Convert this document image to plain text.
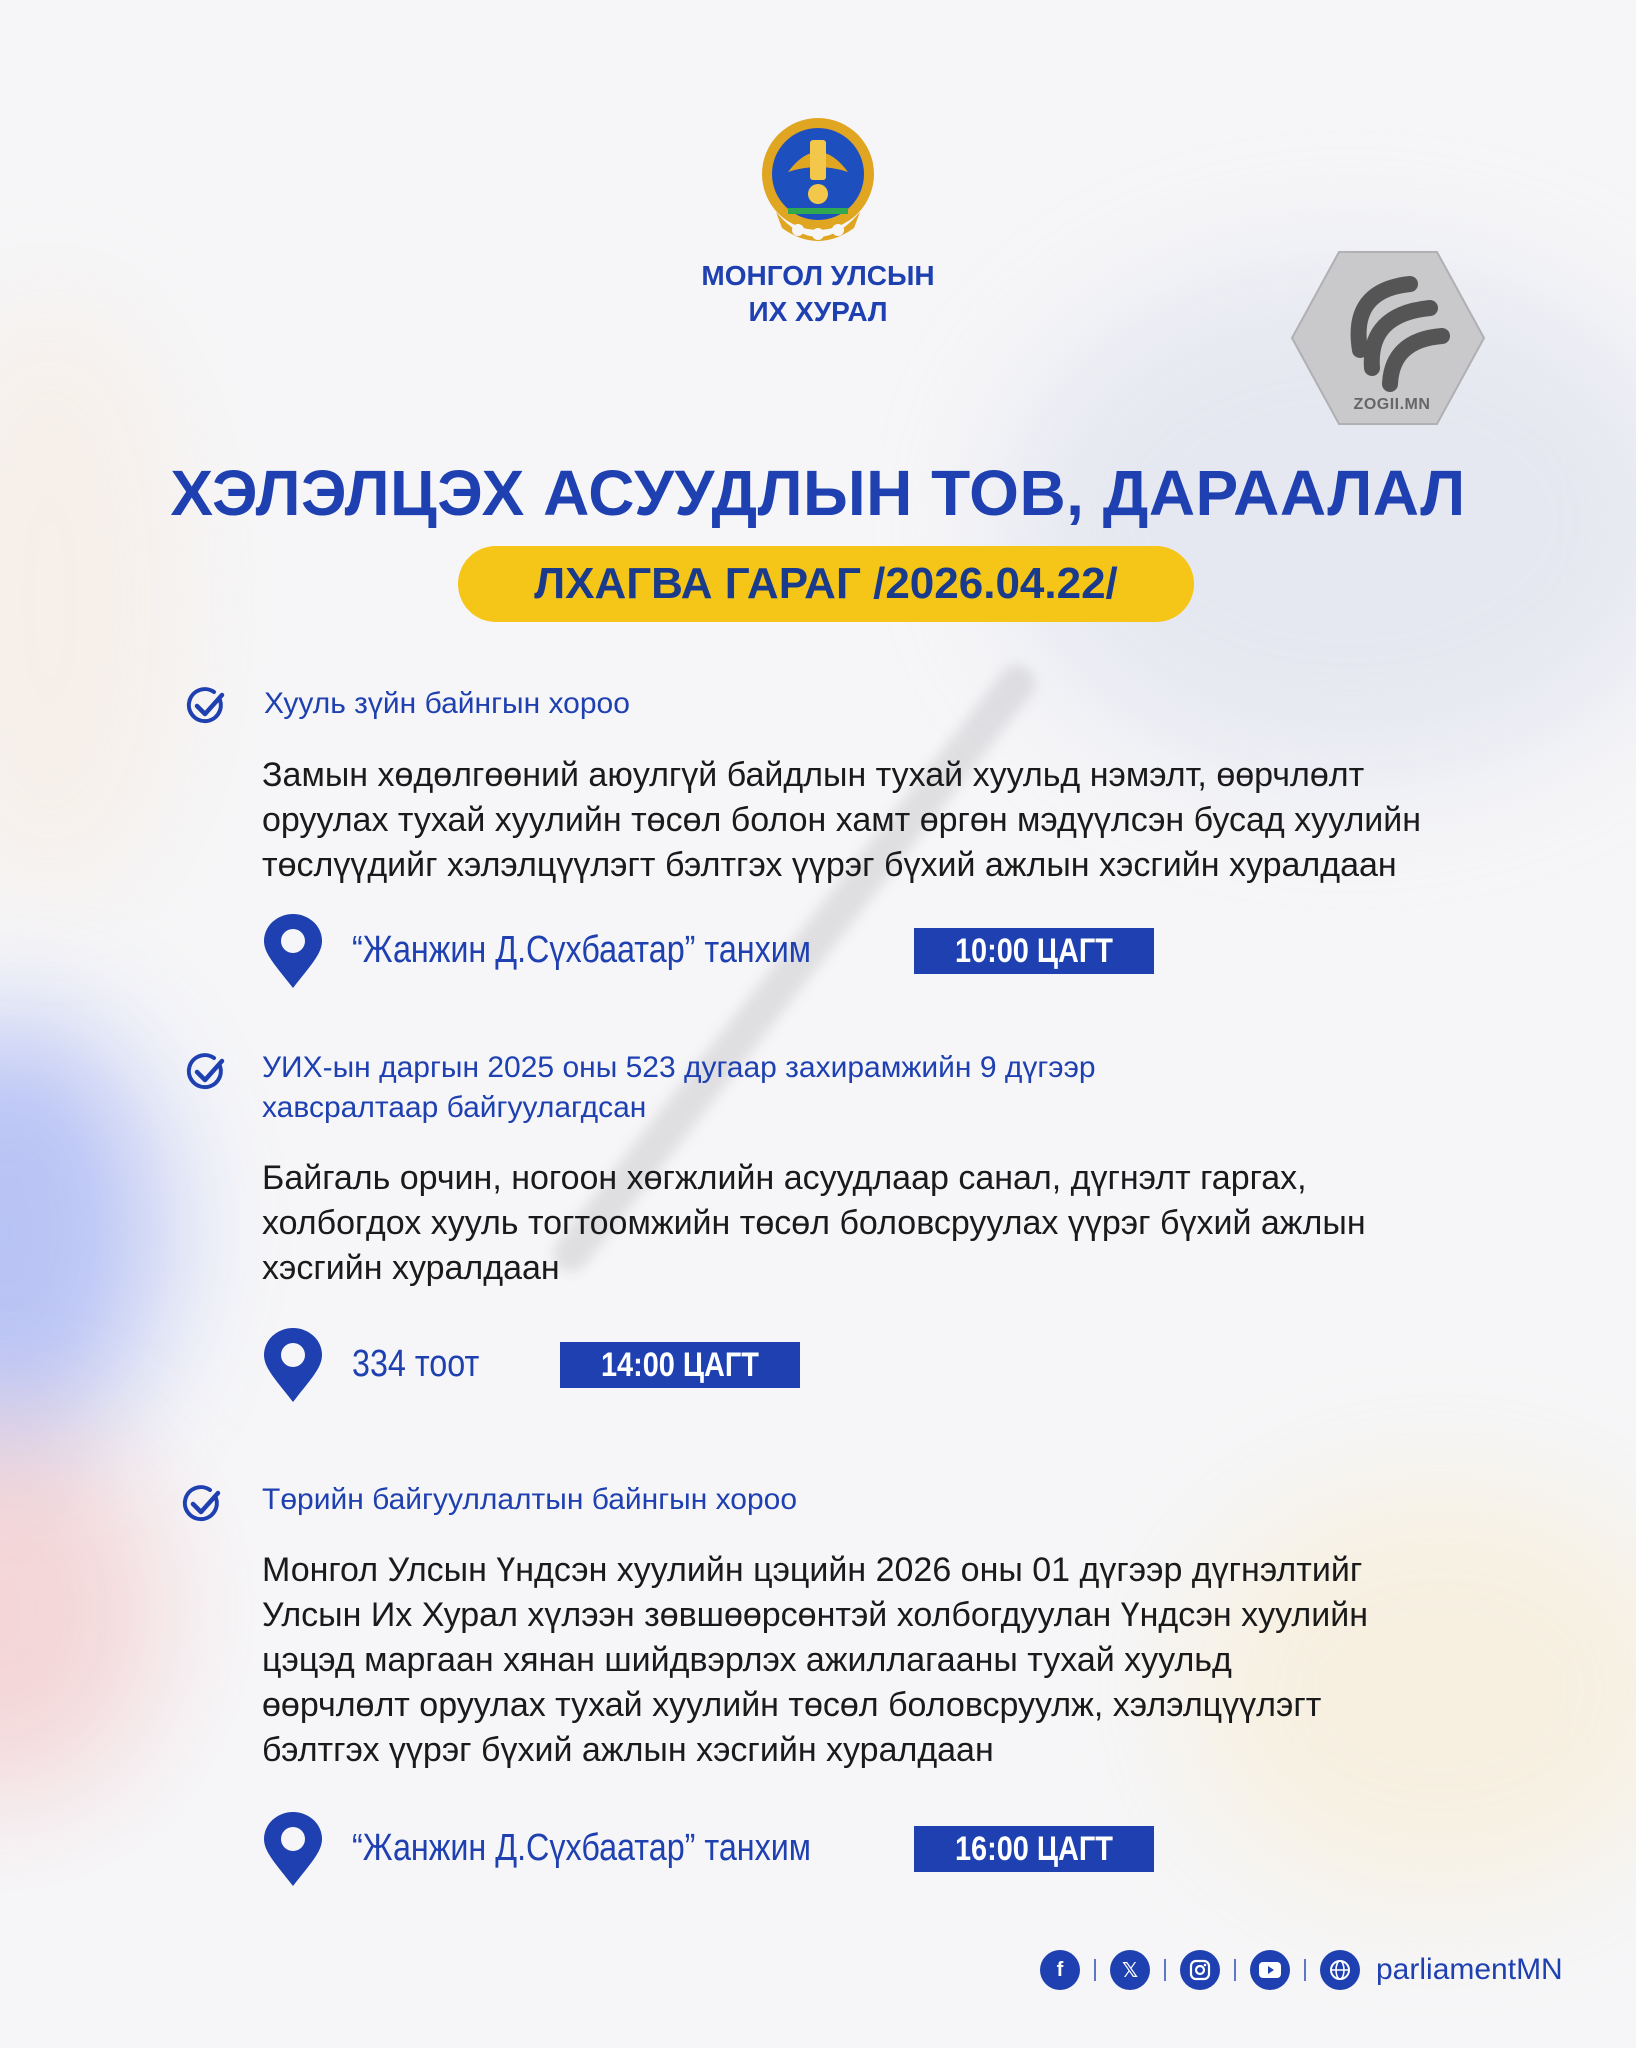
МОНГОЛ УЛСЫН
ИХ ХУРАЛ
ZOGII.MN
ХЭЛЭЛЦЭХ АСУУДЛЫН ТОВ, ДАРААЛАЛ
ЛХАГВА ГАРАГ /2026.04.22/
Хууль зүйн байнгын хороо
Замын хөдөлгөөний аюулгүй байдлын тухай хуульд нэмэлт, өөрчлөлт
оруулах тухай хуулийн төсөл болон хамт өргөн мэдүүлсэн бусад хуулийн
төслүүдийг хэлэлцүүлэгт бэлтгэх үүрэг бүхий ажлын хэсгийн хуралдаан
“Жанжин Д.Сүхбаатар” танхим	10:00 ЦАГТ
УИХ-ын даргын 2025 оны 523 дугаар захирамжийн 9 дүгээр
хавсралтаар байгуулагдсан
Байгаль орчин, ногоон хөгжлийн асуудлаар санал, дүгнэлт гаргах,
холбогдох хууль тогтоомжийн төсөл боловсруулах үүрэг бүхий ажлын
хэсгийн хуралдаан
334 тоот	14:00 ЦАГТ
Төрийн байгууллалтын байнгын хороо
Монгол Улсын Үндсэн хуулийн цэцийн 2026 оны 01 дүгээр дүгнэлтийг
Улсын Их Хурал хүлээн зөвшөөрсөнтэй холбогдуулан Үндсэн хуулийн
цэцэд маргаан хянан шийдвэрлэх ажиллагааны тухай хуульд
өөрчлөлт оруулах тухай хуулийн төсөл боловсруулж, хэлэлцүүлэгт
бэлтгэх үүрэг бүхий ажлын хэсгийн хуралдаан
“Жанжин Д.Сүхбаатар” танхим	16:00 ЦАГТ
f	𝕏	parliamentMN
